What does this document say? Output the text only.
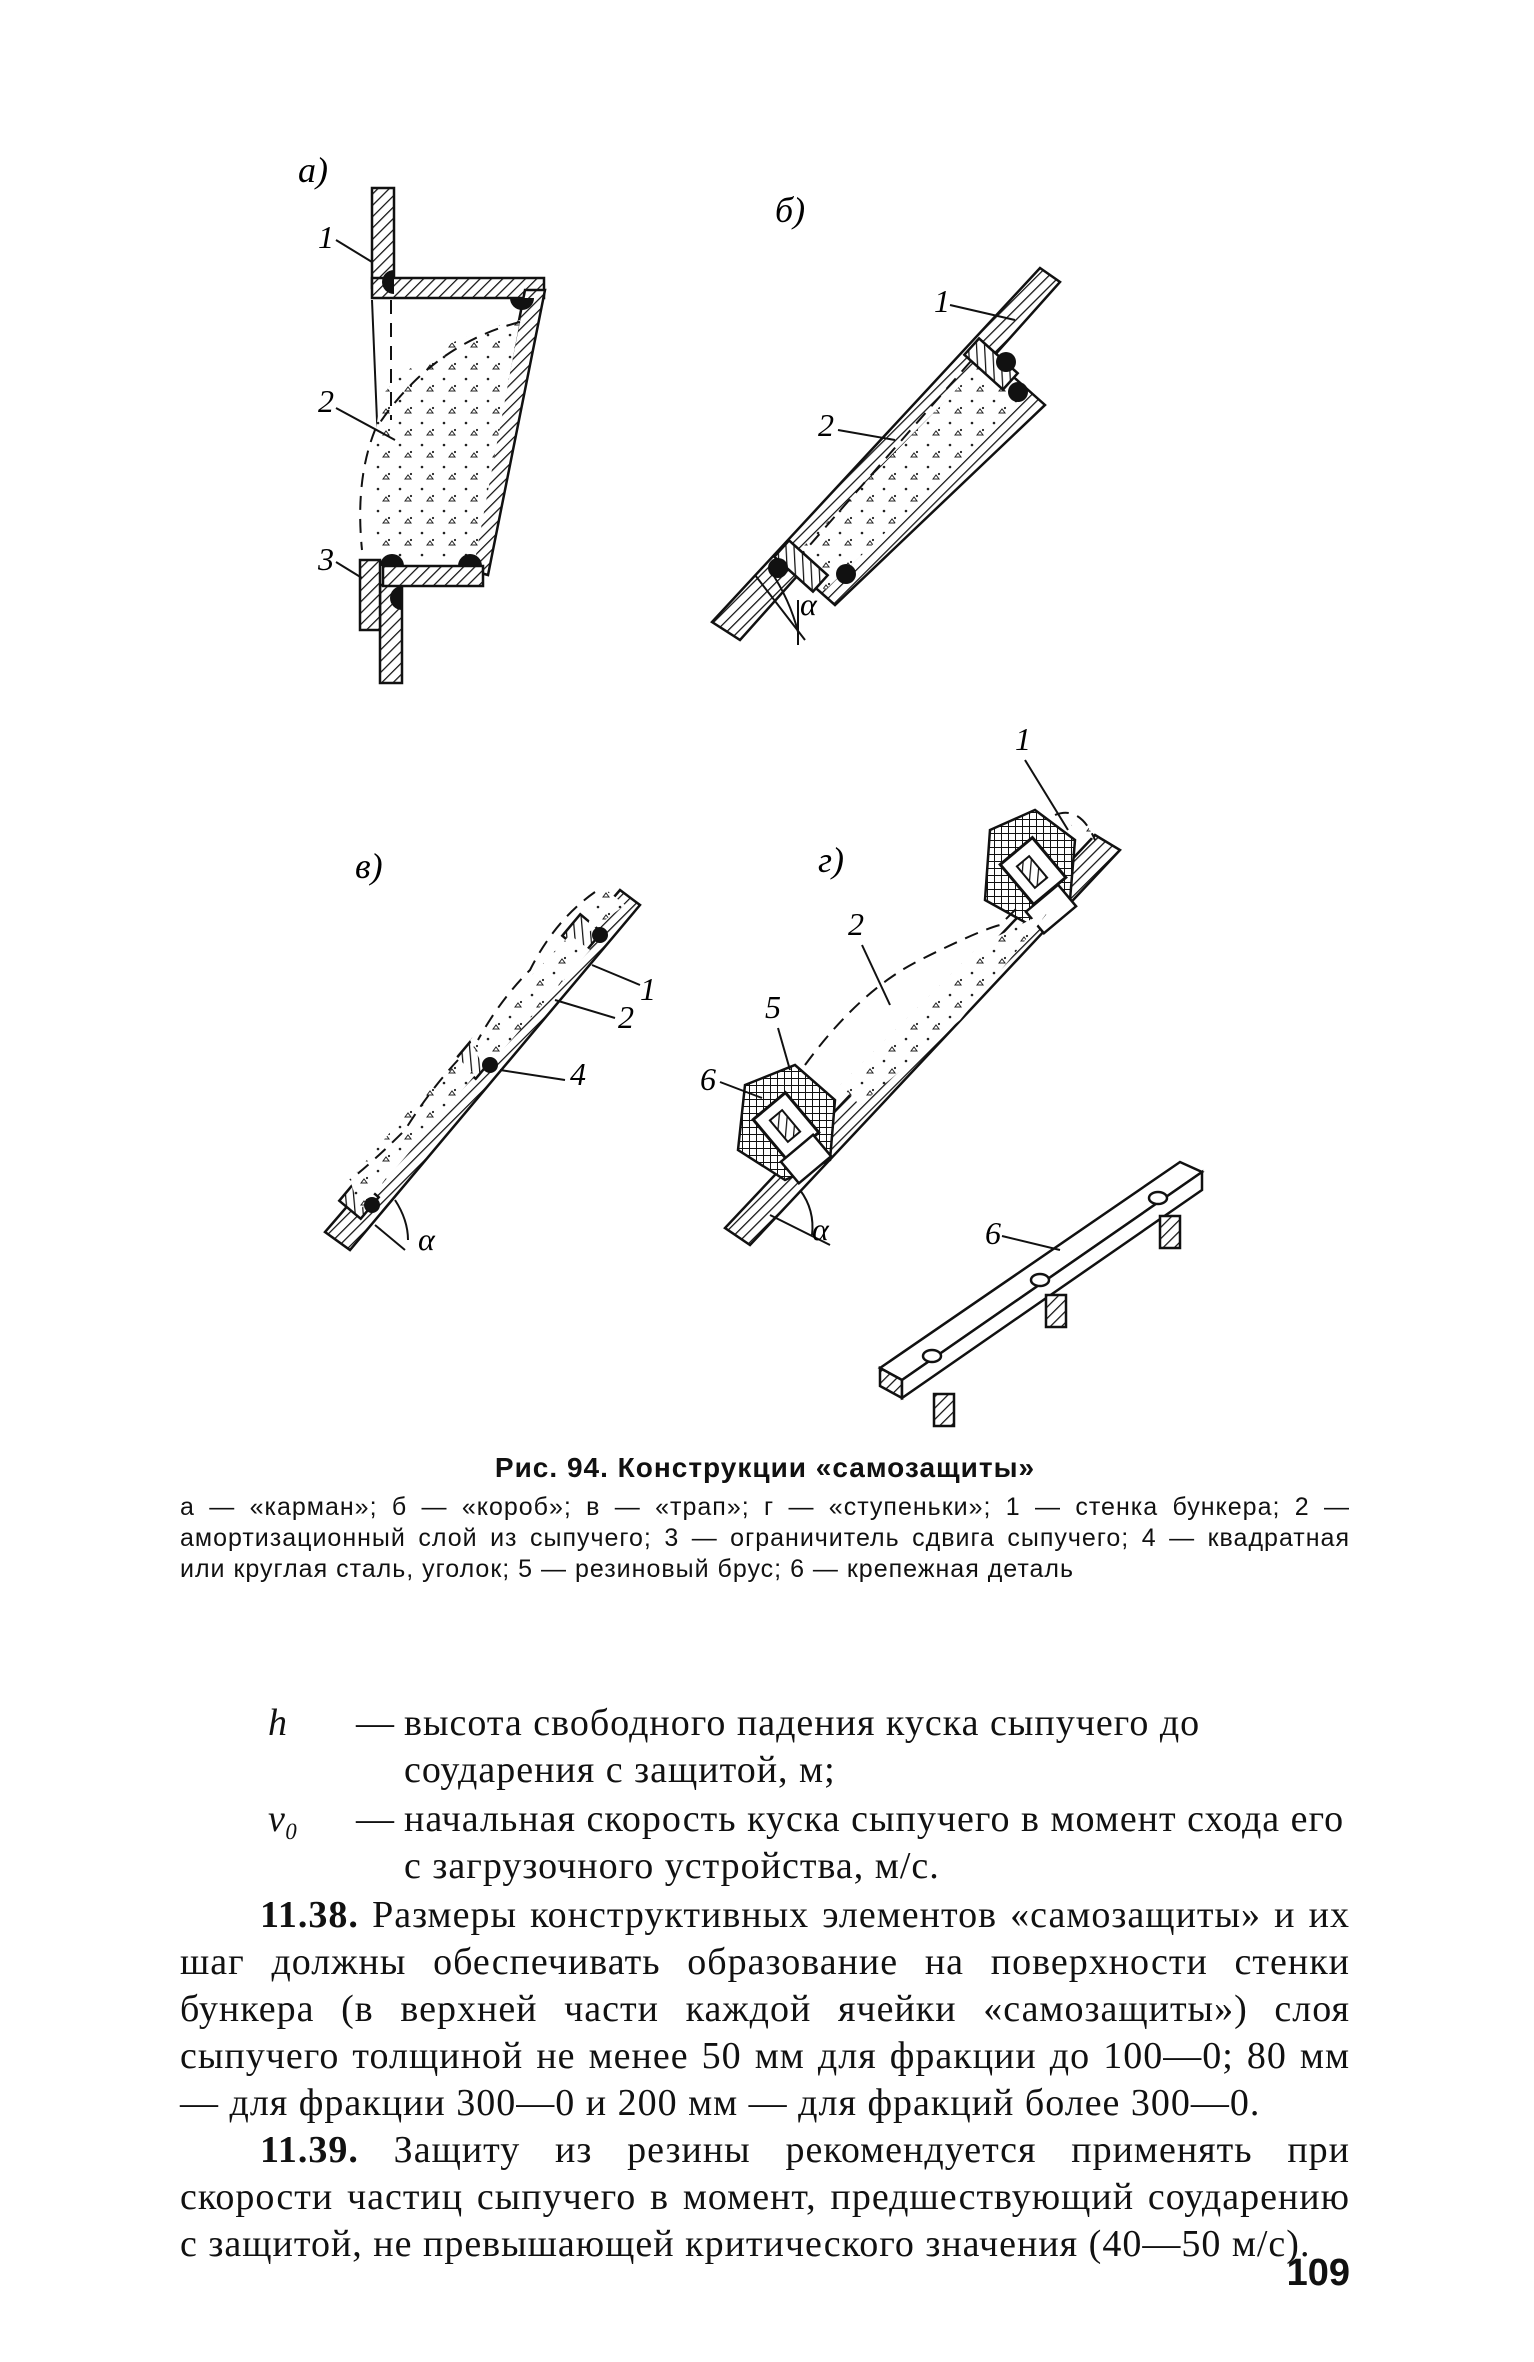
а)
1
2
3
б)
α
1
2
в)
α
1
2
4
г)
α
1
2
5
6
6
Рис. 94. Конструкции «самозащиты»
а — «карман»; б — «короб»; в — «трап»; г — «ступеньки»; 1 — стенка бункера; 2 — амортизационный слой из сыпучего; 3 — ограничитель сдвига сыпучего; 4 — квадратная или круглая сталь, уголок; 5 — резиновый брус; 6 — крепежная деталь
h	— высота свободного падения куска сыпучего до соударения с защитой, м;
v₀	— начальная скорость куска сыпучего в момент схода его с загрузочного устройства, м/с.

11.38. Размеры конструктивных элементов «самозащиты» и их шаг должны обеспечивать образование на поверхности стенки бункера (в верхней части каждой ячейки «самозащиты») слоя сыпучего толщиной не менее 50 мм для фракции до 100—0; 80 мм — для фракции 300—0 и 200 мм — для фракций более 300—0.

11.39. Защиту из резины рекомендуется применять при скорости частиц сыпучего в момент, предшествующий соударению с защитой, не превышающей критического значения (40—50 м/с).

109
